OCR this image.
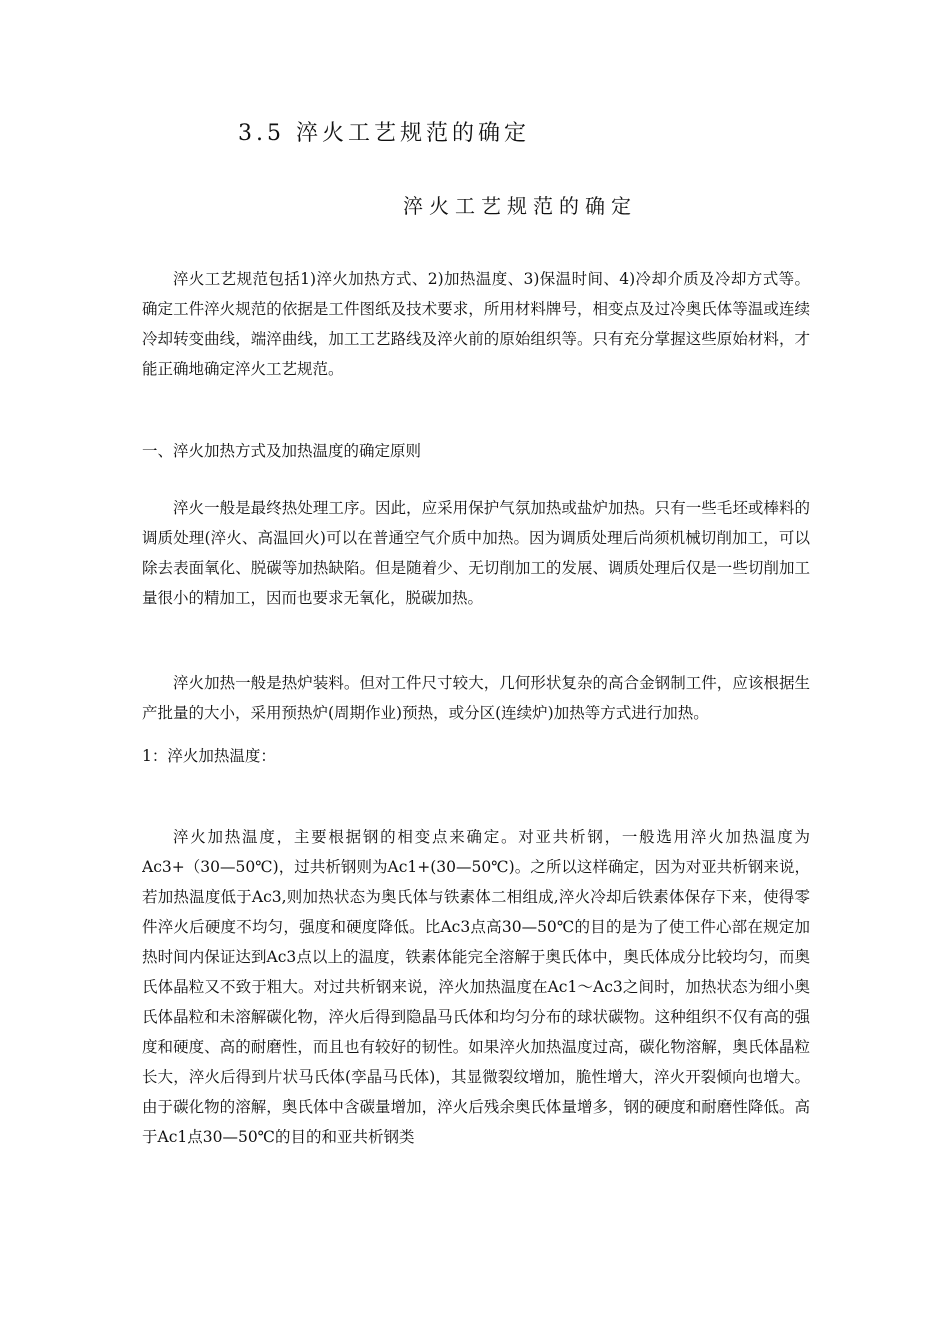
3.5 淬火工艺规范的确定
淬火工艺规范的确定

淬火工艺规范包括1)淬火加热方式、2)加热温度、3)保温时间、4)冷却介质及冷却方式等。确定工件淬火规范的依据是工件图纸及技术要求，所用材料牌号，相变点及过冷奥氏体等温或连续冷却转变曲线，端淬曲线，加工工艺路线及淬火前的原始组织等。只有充分掌握这些原始材料，才能正确地确定淬火工艺规范。

一、淬火加热方式及加热温度的确定原则

淬火一般是最终热处理工序。因此，应采用保护气氛加热或盐炉加热。只有一些毛坯或棒料的调质处理(淬火、高温回火)可以在普通空气介质中加热。因为调质处理后尚须机械切削加工，可以除去表面氧化、脱碳等加热缺陷。但是随着少、无切削加工的发展、调质处理后仅是一些切削加工量很小的精加工，因而也要求无氧化，脱碳加热。

淬火加热一般是热炉装料。但对工件尺寸较大，几何形状复杂的高合金钢制工件，应该根据生产批量的大小，采用预热炉(周期作业)预热，或分区(连续炉)加热等方式进行加热。

1：淬火加热温度：

淬火加热温度，主要根据钢的相变点来确定。对亚共析钢，一般选用淬火加热温度为Ac3+（30—50℃)，过共析钢则为Ac1+(30—50℃)。之所以这样确定，因为对亚共析钢来说，若加热温度低于Ac3,则加热状态为奥氏体与铁素体二相组成,淬火冷却后铁素体保存下来，使得零件淬火后硬度不均匀，强度和硬度降低。比Ac3点高30—50℃的目的是为了使工件心部在规定加热时间内保证达到Ac3点以上的温度，铁素体能完全溶解于奥氏体中，奥氏体成分比较均匀，而奥氏体晶粒又不致于粗大。对过共析钢来说，淬火加热温度在Ac1～Ac3之间时，加热状态为细小奥氏体晶粒和未溶解碳化物，淬火后得到隐晶马氏体和均匀分布的球状碳物。这种组织不仅有高的强度和硬度、高的耐磨性，而且也有较好的韧性。如果淬火加热温度过高，碳化物溶解，奥氏体晶粒长大，淬火后得到片状马氏体(孪晶马氏体)，其显微裂纹增加，脆性增大，淬火开裂倾向也增大。由于碳化物的溶解，奥氏体中含碳量增加，淬火后残余奥氏体量增多，钢的硬度和耐磨性降低。高于Ac1点30—50℃的目的和亚共析钢类
